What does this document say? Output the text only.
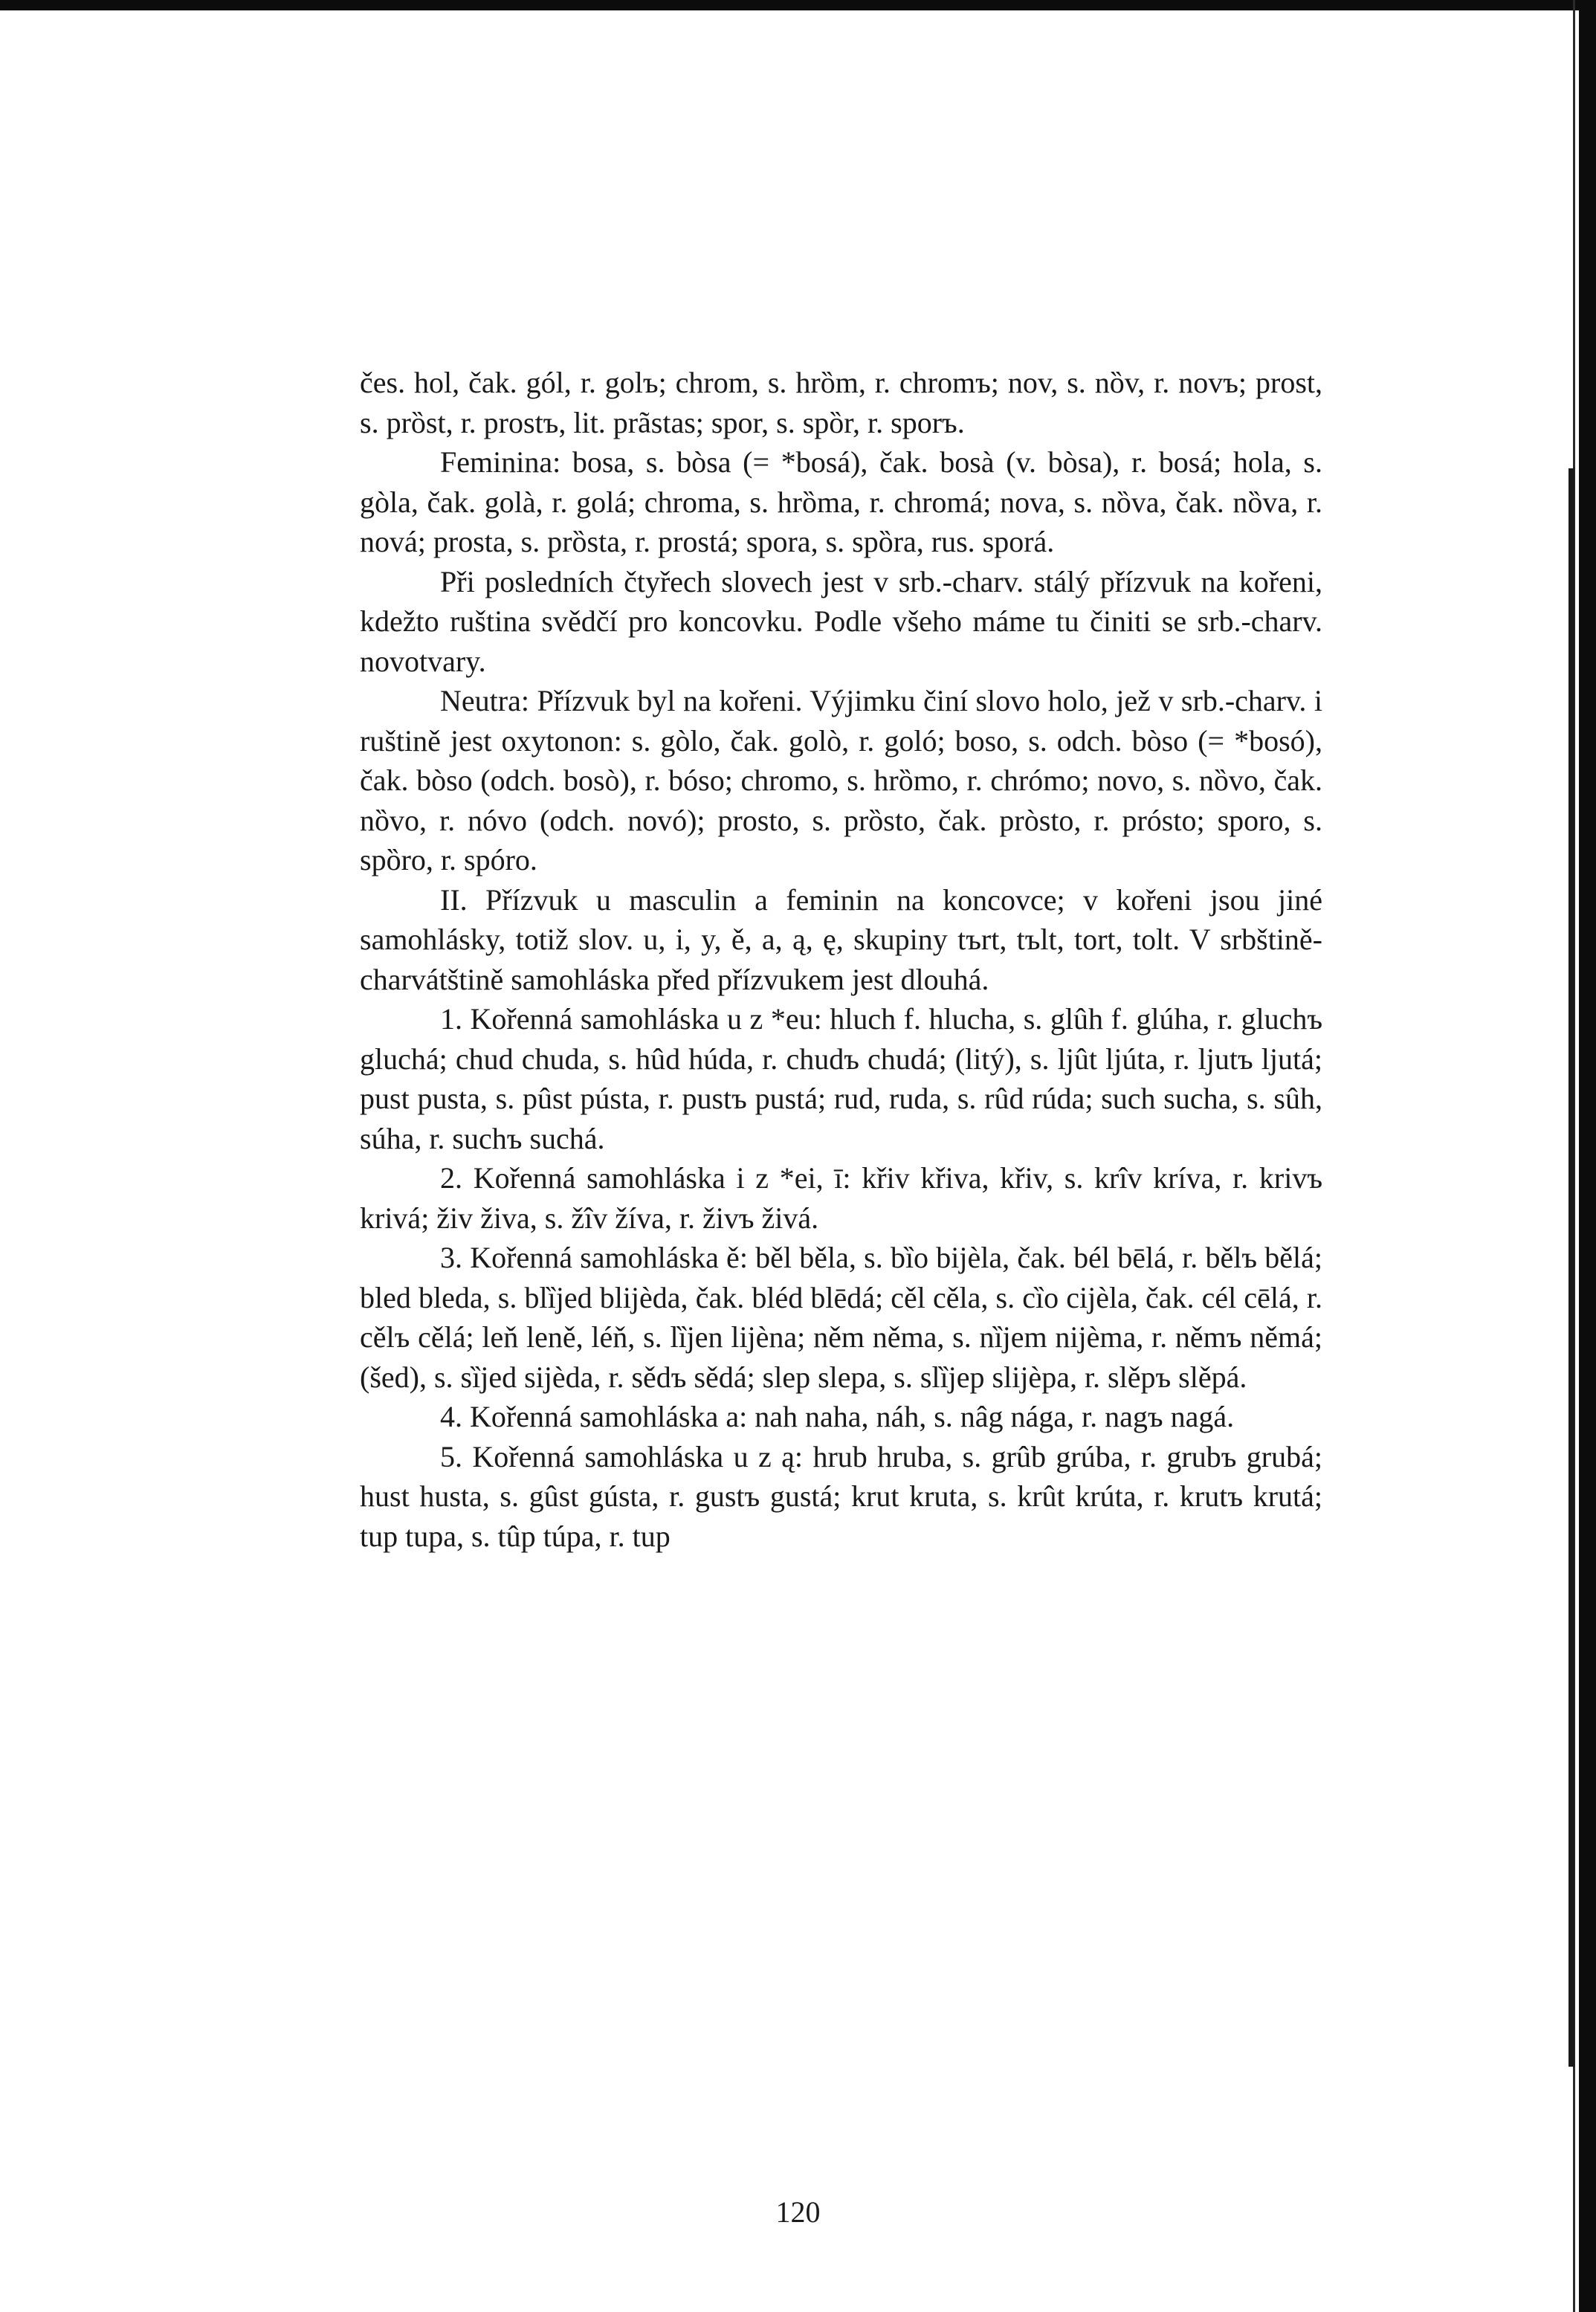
čes. hol, čak. gól, r. golъ; chrom, s. hrȍm, r. chromъ; nov, s. nȍv, r. novъ; prost, s. prȍst, r. prostъ, lit. prãstas; spor, s. spȍr, r. sporъ.

Feminina: bosa, s. bòsa (= *bosá), čak. bosà (v. bòsa), r. bosá; hola, s. gòla, čak. golà, r. golá; chroma, s. hrȍma, r. chromá; nova, s. nȍva, čak. nȍva, r. nová; prosta, s. prȍsta, r. prostá; spora, s. spȍra, rus. sporá.

Při posledních čtyřech slovech jest v srb.-charv. stálý přízvuk na kořeni, kdežto ruština svědčí pro koncovku. Podle všeho máme tu činiti se srb.-charv. novotvary.

Neutra: Přízvuk byl na kořeni. Výjimku činí slovo holo, jež v srb.-charv. i ruštině jest oxytonon: s. gòlo, čak. golò, r. goló; boso, s. odch. bòso (= *bosó), čak. bòso (odch. bosò), r. bóso; chromo, s. hrȍmo, r. chrómo; novo, s. nȍvo, čak. nȍvo, r. nóvo (odch. novó); prosto, s. prȍsto, čak. pròsto, r. prósto; sporo, s. spȍro, r. spóro.

II. Přízvuk u masculin a feminin na koncovce; v kořeni jsou jiné samohlásky, totiž slov. u, i, y, ě, a, ą, ę, skupiny tъrt, tъlt, tort, tolt. V srbštině-charvátštině samohláska před přízvukem jest dlouhá.

1. Kořenná samohláska u z *eu: hluch f. hlucha, s. glûh f. glúha, r. gluchъ gluchá; chud chuda, s. hûd húda, r. chudъ chudá; (litý), s. ljût ljúta, r. ljutъ ljutá; pust pusta, s. pûst pústa, r. pustъ pustá; rud, ruda, s. rûd rúda; such sucha, s. sûh, súha, r. suchъ suchá.

2. Kořenná samohláska i z *ei, ī: křiv křiva, křiv, s. krîv kríva, r. krivъ krivá; živ živa, s. žîv žíva, r. živъ živá.

3. Kořenná samohláska ě: běl běla, s. bȉo bijèla, čak. bél bēlá, r. bělъ bělá; bled bleda, s. blȉjed blijèda, čak. bléd blēdá; cěl cěla, s. cȉo cijèla, čak. cél cēlá, r. cělъ cělá; leň leně, léň, s. lȉjen lijèna; něm něma, s. nȉjem nijèma, r. němъ němá; (šed), s. sȉjed sijèda, r. sědъ sědá; slep slepa, s. slȉjep slijèpa, r. slěpъ slěpá.

4. Kořenná samohláska a: nah naha, náh, s. nâg nága, r. nagъ nagá.

5. Kořenná samohláska u z ą: hrub hruba, s. grûb grúba, r. grubъ grubá; hust husta, s. gûst gústa, r. gustъ gustá; krut kruta, s. krût krúta, r. krutъ krutá; tup tupa, s. tûp túpa, r. tup

120
